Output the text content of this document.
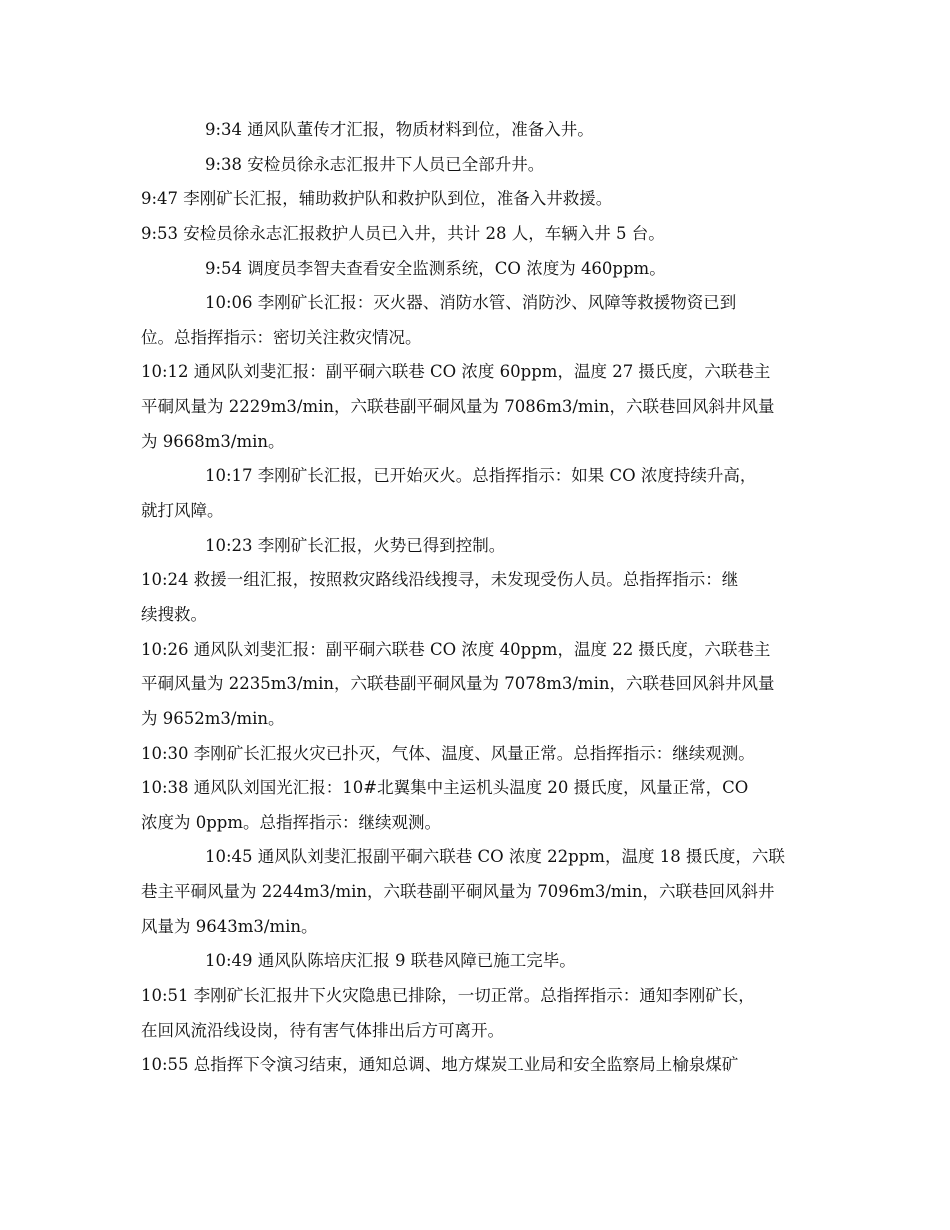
9:34 通风队董传才汇报，物质材料到位，准备入井。
9:38 安检员徐永志汇报井下人员已全部升井。
9:47 李刚矿长汇报，辅助救护队和救护队到位，准备入井救援。
9:53 安检员徐永志汇报救护人员已入井，共计 28 人，车辆入井 5 台。
9:54 调度员李智夫查看安全监测系统，CO 浓度为 460ppm。
10:06 李刚矿长汇报：灭火器、消防水管、消防沙、风障等救援物资已到
位。总指挥指示：密切关注救灾情况。
10:12 通风队刘斐汇报：副平硐六联巷 CO 浓度 60ppm，温度 27 摄氏度，六联巷主
平硐风量为 2229m3/min，六联巷副平硐风量为 7086m3/min，六联巷回风斜井风量
为 9668m3/min。
10:17 李刚矿长汇报，已开始灭火。总指挥指示：如果 CO 浓度持续升高，
就打风障。
10:23 李刚矿长汇报，火势已得到控制。
10:24 救援一组汇报，按照救灾路线沿线搜寻，未发现受伤人员。总指挥指示：继
续搜救。
10:26 通风队刘斐汇报：副平硐六联巷 CO 浓度 40ppm，温度 22 摄氏度，六联巷主
平硐风量为 2235m3/min，六联巷副平硐风量为 7078m3/min，六联巷回风斜井风量
为 9652m3/min。
10:30 李刚矿长汇报火灾已扑灭，气体、温度、风量正常。总指挥指示：继续观测。
10:38 通风队刘国光汇报：10#北翼集中主运机头温度 20 摄氏度，风量正常，CO
浓度为 0ppm。总指挥指示：继续观测。
10:45 通风队刘斐汇报副平硐六联巷 CO 浓度 22ppm，温度 18 摄氏度，六联
巷主平硐风量为 2244m3/min，六联巷副平硐风量为 7096m3/min，六联巷回风斜井
风量为 9643m3/min。
10:49 通风队陈培庆汇报 9 联巷风障已施工完毕。
10:51 李刚矿长汇报井下火灾隐患已排除，一切正常。总指挥指示：通知李刚矿长，
在回风流沿线设岗，待有害气体排出后方可离开。
10:55 总指挥下令演习结束，通知总调、地方煤炭工业局和安全监察局上榆泉煤矿
